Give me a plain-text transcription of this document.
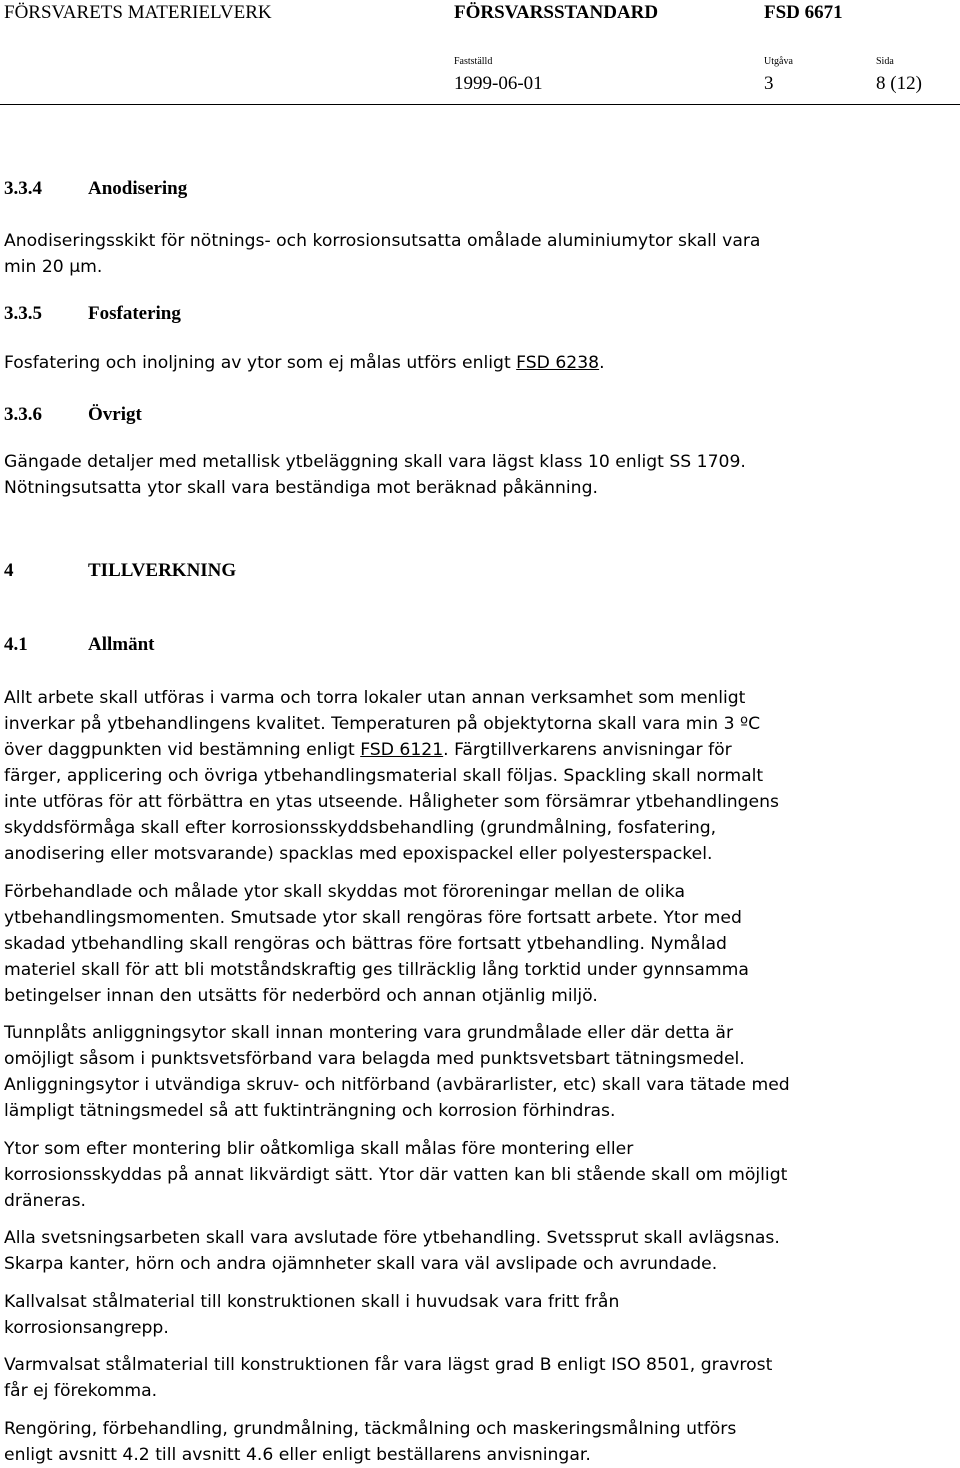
FÖRSVARETS MATERIELVERK	FÖRSVARSSTANDARD	FSD 6671
Fastställd	Utgåva	Sida
1999-06-01	3	8 (12)
3.3.4 Anodisering

Anodiseringsskikt för nötnings- och korrosionsutsatta omålade aluminiumytor skall vara

min 20 μm.

3.3.5 Fosfatering

Fosfatering och inoljning av ytor som ej målas utförs enligt FSD 6238.

3.3.6 Övrigt

Gängade detaljer med metallisk ytbeläggning skall vara lägst klass 10 enligt SS 1709.

Nötningsutsatta ytor skall vara beständiga mot beräknad påkänning.

4	TILLVERKNING
4.1	Allmänt

Allt arbete skall utföras i varma och torra lokaler utan annan verksamhet som menligt

inverkar på ytbehandlingens kvalitet. Temperaturen på objektytorna skall vara min 3 ºC

över daggpunkten vid bestämning enligt FSD 6121. Färgtillverkarens anvisningar för

färger, applicering och övriga ytbehandlingsmaterial skall följas. Spackling skall normalt

inte utföras för att förbättra en ytas utseende. Håligheter som försämrar ytbehandlingens

skyddsförmåga skall efter korrosionsskyddsbehandling (grundmålning, fosfatering,

anodisering eller motsvarande) spacklas med epoxispackel eller polyesterspackel.

Förbehandlade och målade ytor skall skyddas mot föroreningar mellan de olika

ytbehandlingsmomenten. Smutsade ytor skall rengöras före fortsatt arbete. Ytor med

skadad ytbehandling skall rengöras och bättras före fortsatt ytbehandling. Nymålad

materiel skall för att bli motståndskraftig ges tillräcklig lång torktid under gynnsamma

betingelser innan den utsätts för nederbörd och annan otjänlig miljö.

Tunnplåts anliggningsytor skall innan montering vara grundmålade eller där detta är

omöjligt såsom i punktsvetsförband vara belagda med punktsvetsbart tätningsmedel.

Anliggningsytor i utvändiga skruv- och nitförband (avbärarlister, etc) skall vara tätade med

lämpligt tätningsmedel så att fuktinträngning och korrosion förhindras.

Ytor som efter montering blir oåtkomliga skall målas före montering eller

korrosionsskyddas på annat likvärdigt sätt. Ytor där vatten kan bli stående skall om möjligt

dräneras.

Alla svetsningsarbeten skall vara avslutade före ytbehandling. Svetssprut skall avlägsnas.

Skarpa kanter, hörn och andra ojämnheter skall vara väl avslipade och avrundade.

Kallvalsat stålmaterial till konstruktionen skall i huvudsak vara fritt från

korrosionsangrepp.

Varmvalsat stålmaterial till konstruktionen får vara lägst grad B enligt ISO 8501, gravrost

får ej förekomma.

Rengöring, förbehandling, grundmålning, täckmålning och maskeringsmålning utförs

enligt avsnitt 4.2 till avsnitt 4.6 eller enligt beställarens anvisningar.
